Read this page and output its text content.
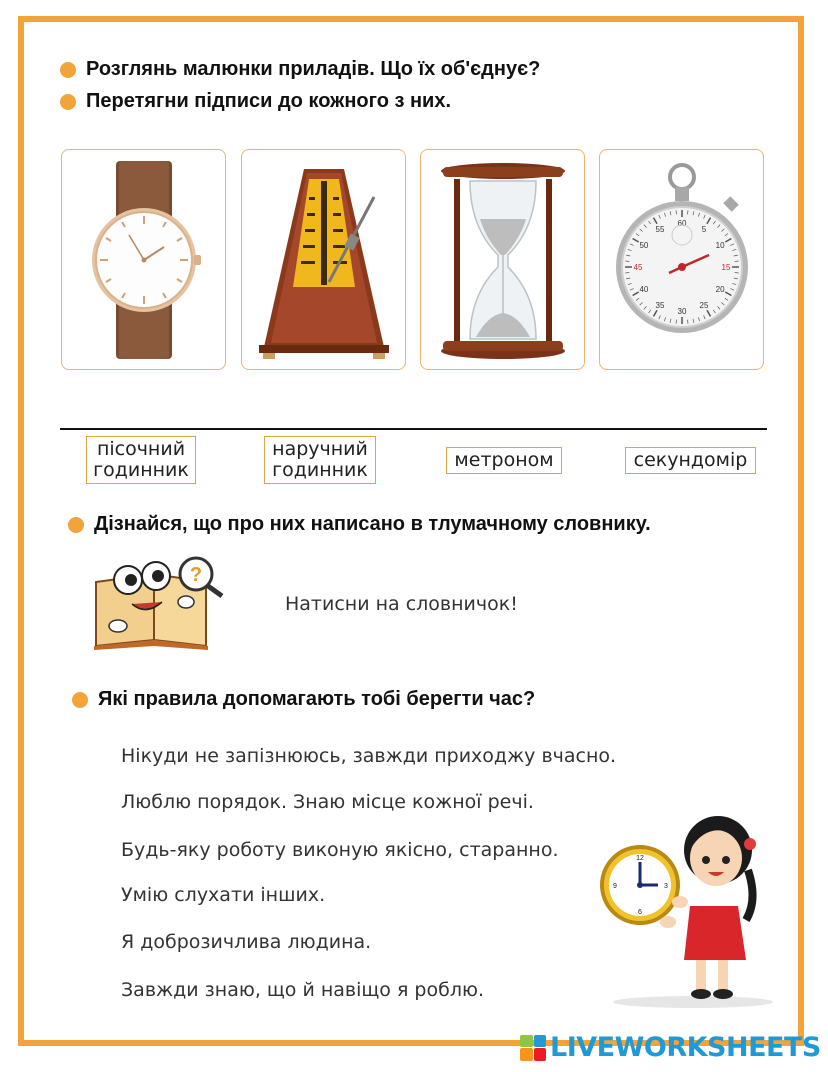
Розглянь малюнки приладів. Що їх об'єднує?
Перетягни підписи до кожного з них.
60
5
10
15
20
25
30
35
40
45
50
55
пісочний
годинник
наручний
годинник	метроном	секундомір
Дізнайся, що про них написано в тлумачному словнику.
?
Натисни на словничок!
Які правила допомагають тобі берегти час?
Нікуди не запізнююсь, завжди приходжу вчасно.
Люблю порядок. Знаю місце кожної речі.
Будь-яку роботу виконую якісно, старанно.
Умію слухати інших.
Я доброзичлива людина.
Завжди знаю, що й навіщо я роблю.
12
3
6
9
LIVEWORKSHEETS
